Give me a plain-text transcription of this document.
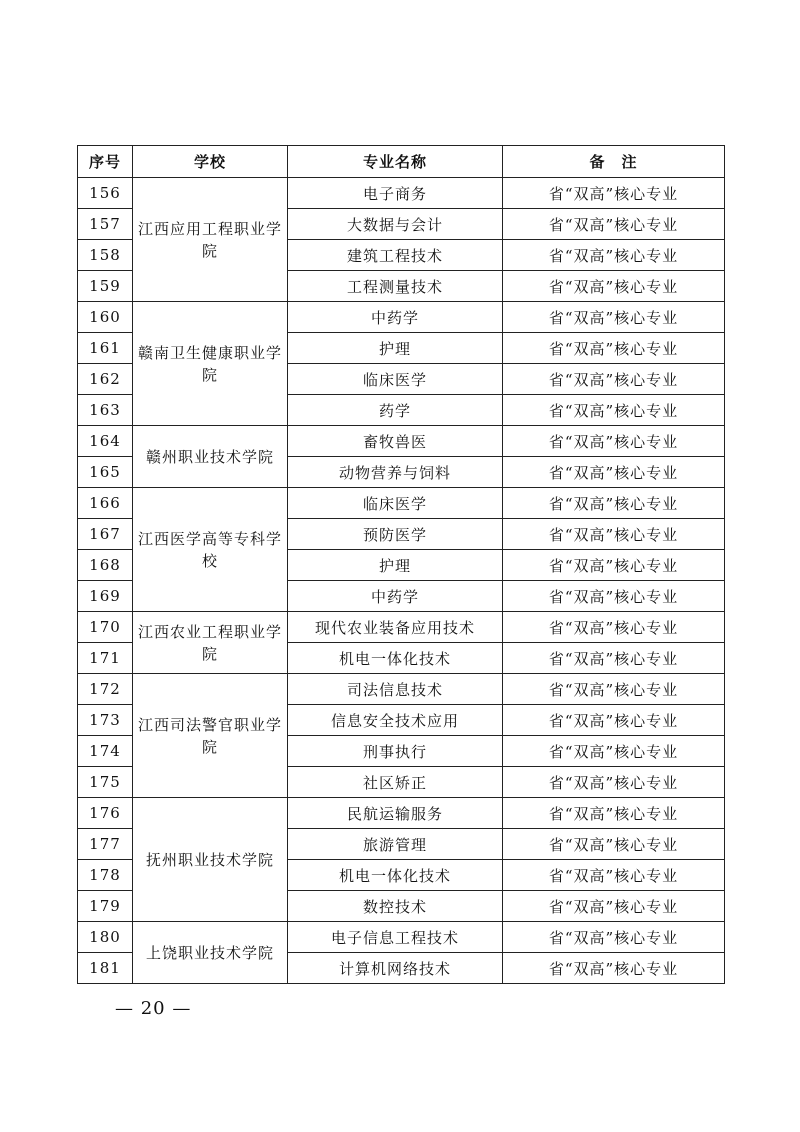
序号	学校	专业名称	备　注
156	江西应用工程职业学院	电子商务	省“双高”核心专业
157		大数据与会计	省“双高”核心专业
158		建筑工程技术	省“双高”核心专业
159		工程测量技术	省“双高”核心专业
160	赣南卫生健康职业学院	中药学	省“双高”核心专业
161		护理	省“双高”核心专业
162		临床医学	省“双高”核心专业
163		药学	省“双高”核心专业
164	赣州职业技术学院	畜牧兽医	省“双高”核心专业
165		动物营养与饲料	省“双高”核心专业
166	江西医学高等专科学校	临床医学	省“双高”核心专业
167		预防医学	省“双高”核心专业
168		护理	省“双高”核心专业
169		中药学	省“双高”核心专业
170	江西农业工程职业学院	现代农业装备应用技术	省“双高”核心专业
171		机电一体化技术	省“双高”核心专业
172	江西司法警官职业学院	司法信息技术	省“双高”核心专业
173		信息安全技术应用	省“双高”核心专业
174		刑事执行	省“双高”核心专业
175		社区矫正	省“双高”核心专业
176	抚州职业技术学院	民航运输服务	省“双高”核心专业
177		旅游管理	省“双高”核心专业
178		机电一体化技术	省“双高”核心专业
179		数控技术	省“双高”核心专业
180	上饶职业技术学院	电子信息工程技术	省“双高”核心专业
181		计算机网络技术	省“双高”核心专业
— 20 —
